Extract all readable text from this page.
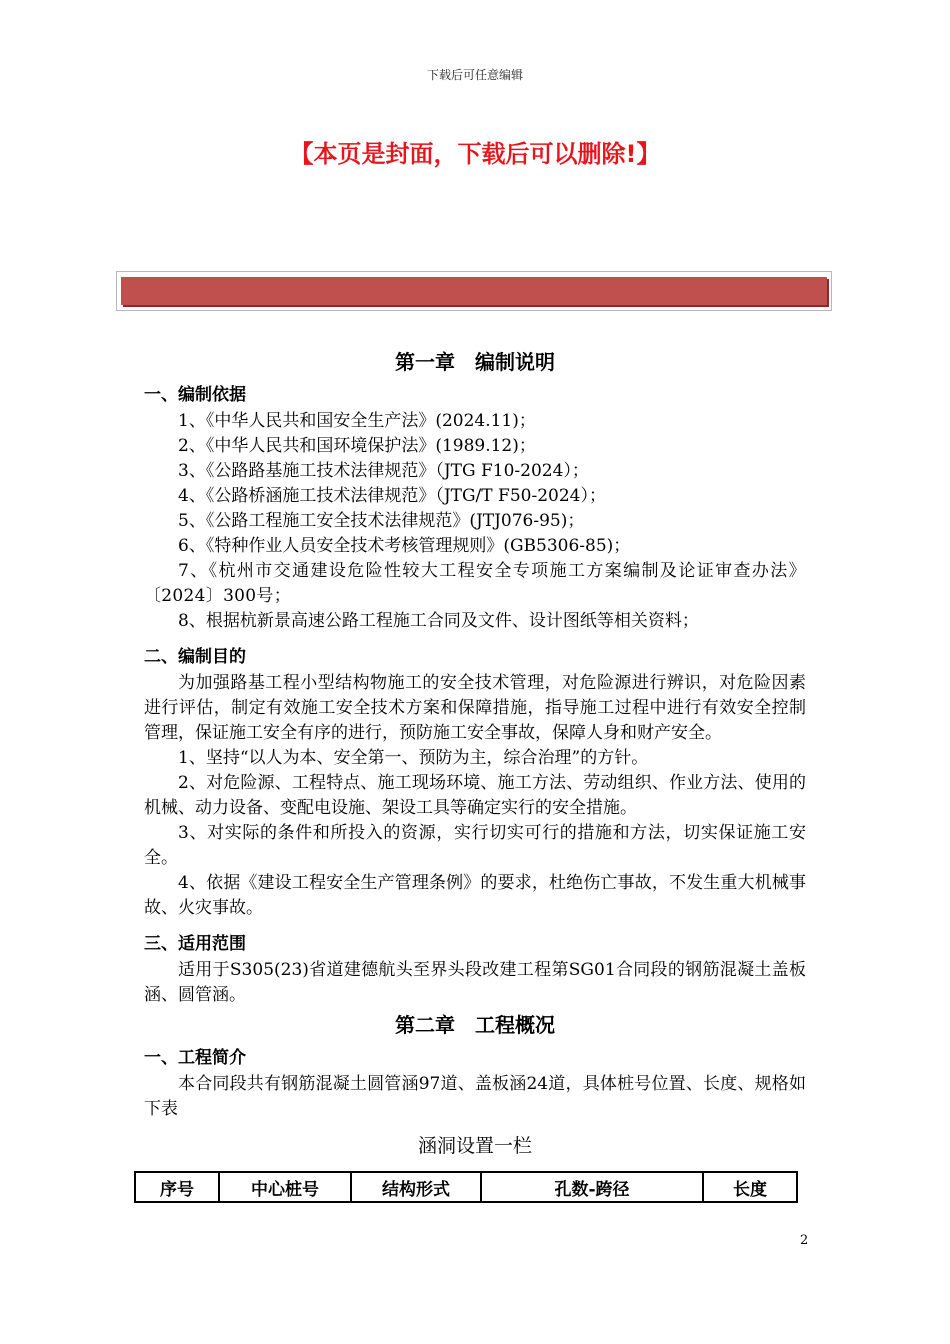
下载后可任意编辑
【本页是封面，下载后可以删除!】
第一章　编制说明
一、编制依据
1、《中华人民共和国安全生产法》(2024.11)；
2、《中华人民共和国环境保护法》(1989.12)；
3、《公路路基施工技术法律规范》（JTG F10-2024）；
4、《公路桥涵施工技术法律规范》（JTG/T F50-2024）；
5、《公路工程施工安全技术法律规范》(JTJ076-95)；
6、《特种作业人员安全技术考核管理规则》(GB5306-85)；
7、《杭州市交通建设危险性较大工程安全专项施工方案编制及论证审查办法》〔2024〕300号；
8、根据杭新景高速公路工程施工合同及文件、设计图纸等相关资料；
二、编制目的
为加强路基工程小型结构物施工的安全技术管理，对危险源进行辨识，对危险因素进行评估，制定有效施工安全技术方案和保障措施，指导施工过程中进行有效安全控制管理，保证施工安全有序的进行，预防施工安全事故，保障人身和财产安全。
1、坚持“以人为本、安全第一、预防为主，综合治理”的方针。
2、对危险源、工程特点、施工现场环境、施工方法、劳动组织、作业方法、使用的机械、动力设备、变配电设施、架设工具等确定实行的安全措施。
3、对实际的条件和所投入的资源，实行切实可行的措施和方法，切实保证施工安全。
4、依据《建设工程安全生产管理条例》的要求，杜绝伤亡事故，不发生重大机械事故、火灾事故。
三、适用范围
适用于S305(23)省道建德航头至界头段改建工程第SG01合同段的钢筋混凝土盖板涵、圆管涵。
第二章　工程概况
一、工程简介
本合同段共有钢筋混凝土圆管涵97道、盖板涵24道，具体桩号位置、长度、规格如下表
涵洞设置一栏
序号	中心桩号	结构形式	孔数-跨径	长度
2
